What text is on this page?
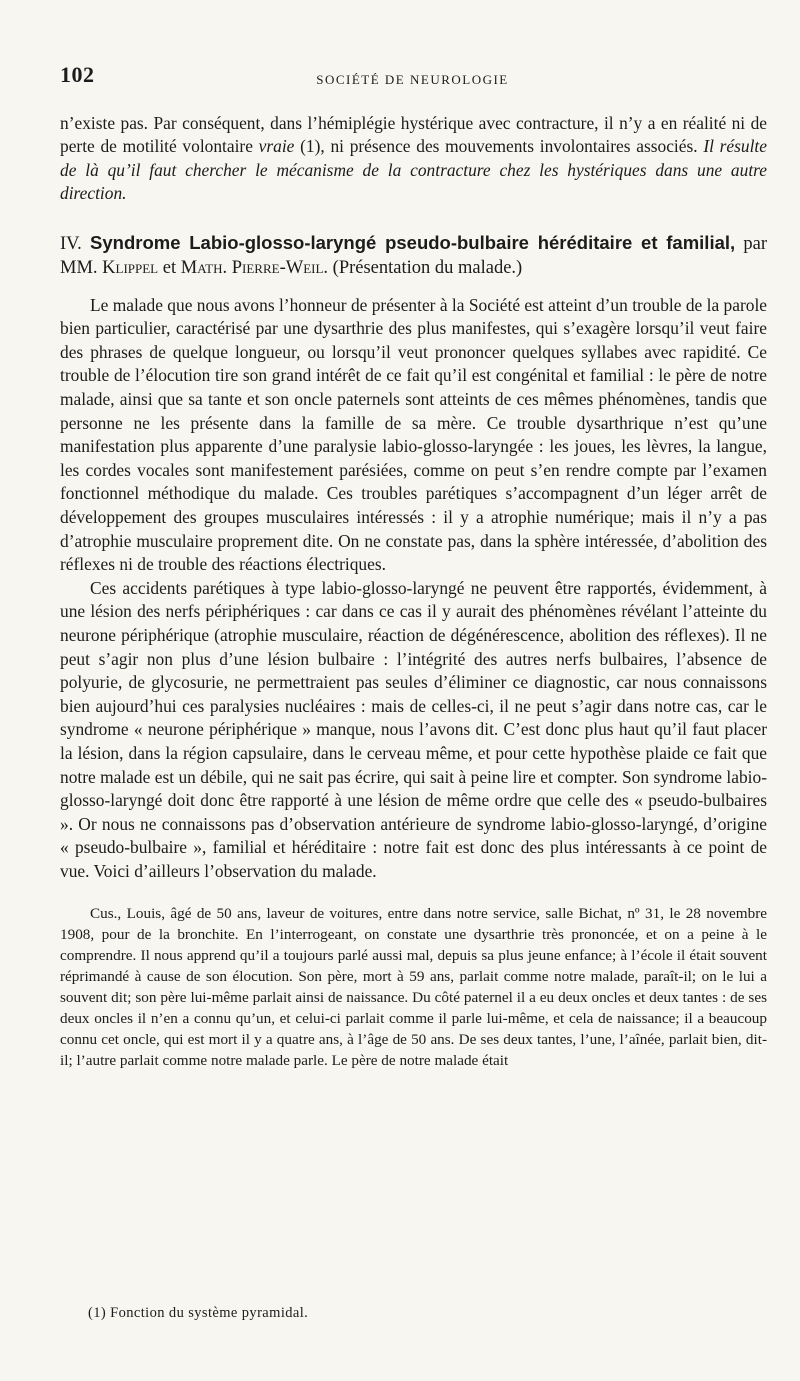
102	SOCIÉTÉ DE NEUROLOGIE

n’existe pas. Par conséquent, dans l’hémiplégie hystérique avec contracture, il n’y a en réalité ni de perte de motilité volontaire vraie (1), ni présence des mouvements involontaires associés. Il résulte de là qu’il faut chercher le mécanisme de la contracture chez les hystériques dans une autre direction.

IV. Syndrome Labio-glosso-laryngé pseudo-bulbaire héréditaire et familial, par MM. Klippel et Math. Pierre-Weil. (Présentation du malade.)

Le malade que nous avons l’honneur de présenter à la Société est atteint d’un trouble de la parole bien particulier, caractérisé par une dysarthrie des plus manifestes, qui s’exagère lorsqu’il veut faire des phrases de quelque longueur, ou lorsqu’il veut prononcer quelques syllabes avec rapidité. Ce trouble de l’élocution tire son grand intérêt de ce fait qu’il est congénital et familial : le père de notre malade, ainsi que sa tante et son oncle paternels sont atteints de ces mêmes phénomènes, tandis que personne ne les présente dans la famille de sa mère. Ce trouble dysarthrique n’est qu’une manifestation plus apparente d’une paralysie labio-glosso-laryngée : les joues, les lèvres, la langue, les cordes vocales sont manifestement parésiées, comme on peut s’en rendre compte par l’examen fonctionnel méthodique du malade. Ces troubles parétiques s’accompagnent d’un léger arrêt de développement des groupes musculaires intéressés : il y a atrophie numérique; mais il n’y a pas d’atrophie musculaire proprement dite. On ne constate pas, dans la sphère intéressée, d’abolition des réflexes ni de trouble des réactions électriques.

Ces accidents parétiques à type labio-glosso-laryngé ne peuvent être rapportés, évidemment, à une lésion des nerfs périphériques : car dans ce cas il y aurait des phénomènes révélant l’atteinte du neurone périphérique (atrophie musculaire, réaction de dégénérescence, abolition des réflexes). Il ne peut s’agir non plus d’une lésion bulbaire : l’intégrité des autres nerfs bulbaires, l’absence de polyurie, de glycosurie, ne permettraient pas seules d’éliminer ce diagnostic, car nous connaissons bien aujourd’hui ces paralysies nucléaires : mais de celles-ci, il ne peut s’agir dans notre cas, car le syndrome « neurone périphérique » manque, nous l’avons dit. C’est donc plus haut qu’il faut placer la lésion, dans la région capsulaire, dans le cerveau même, et pour cette hypothèse plaide ce fait que notre malade est un débile, qui ne sait pas écrire, qui sait à peine lire et compter. Son syndrome labio-glosso-laryngé doit donc être rapporté à une lésion de même ordre que celle des « pseudo-bulbaires ». Or nous ne connaissons pas d’observation antérieure de syndrome labio-glosso-laryngé, d’origine « pseudo-bulbaire », familial et héréditaire : notre fait est donc des plus intéressants à ce point de vue. Voici d’ailleurs l’observation du malade.

Cus., Louis, âgé de 50 ans, laveur de voitures, entre dans notre service, salle Bichat, nº 31, le 28 novembre 1908, pour de la bronchite. En l’interrogeant, on constate une dysarthrie très prononcée, et on a peine à le comprendre. Il nous apprend qu’il a toujours parlé aussi mal, depuis sa plus jeune enfance; à l’école il était souvent réprimandé à cause de son élocution. Son père, mort à 59 ans, parlait comme notre malade, paraît-il; on le lui a souvent dit; son père lui-même parlait ainsi de naissance. Du côté paternel il a eu deux oncles et deux tantes : de ses deux oncles il n’en a connu qu’un, et celui-ci parlait comme il parle lui-même, et cela de naissance; il a beaucoup connu cet oncle, qui est mort il y a quatre ans, à l’âge de 50 ans. De ses deux tantes, l’une, l’aînée, parlait bien, dit-il; l’autre parlait comme notre malade parle. Le père de notre malade était

(1) Fonction du système pyramidal.
